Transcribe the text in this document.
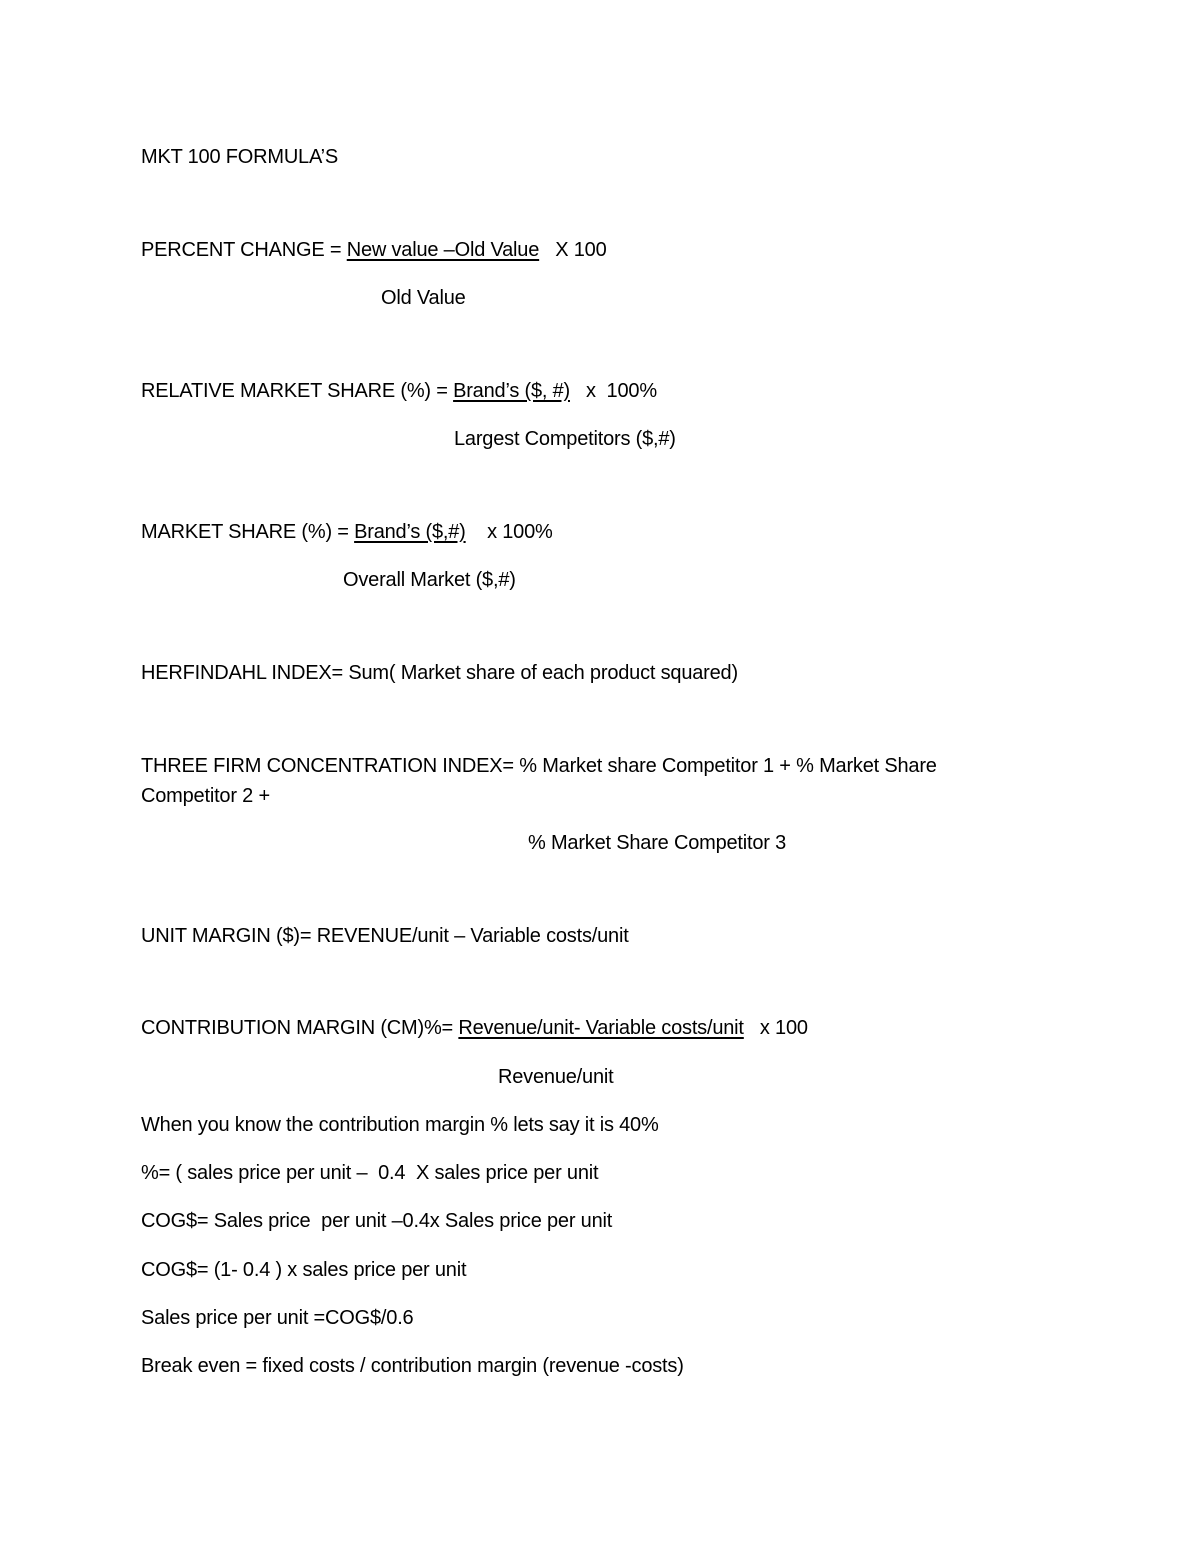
MKT 100 FORMULA’S
PERCENT CHANGE = New value –Old Value X 100
Old Value
RELATIVE MARKET SHARE (%) = Brand’s ($, #) x  100%
Largest Competitors ($,#)
MARKET SHARE (%) = Brand’s ($,#) x 100%
Overall Market ($,#)
HERFINDAHL INDEX= Sum( Market share of each product squared)
THREE FIRM CONCENTRATION INDEX= % Market share Competitor 1 + % Market Share Competitor 2 +
% Market Share Competitor 3
UNIT MARGIN ($)= REVENUE/unit – Variable costs/unit
CONTRIBUTION MARGIN (CM)%= Revenue/unit- Variable costs/unit x 100
Revenue/unit
When you know the contribution margin % lets say it is 40%
%= ( sales price per unit –  0.4  X sales price per unit
COG$= Sales price  per unit –0.4x Sales price per unit
COG$= (1- 0.4 ) x sales price per unit
Sales price per unit =COG$/0.6
Break even = fixed costs / contribution margin (revenue -costs)
